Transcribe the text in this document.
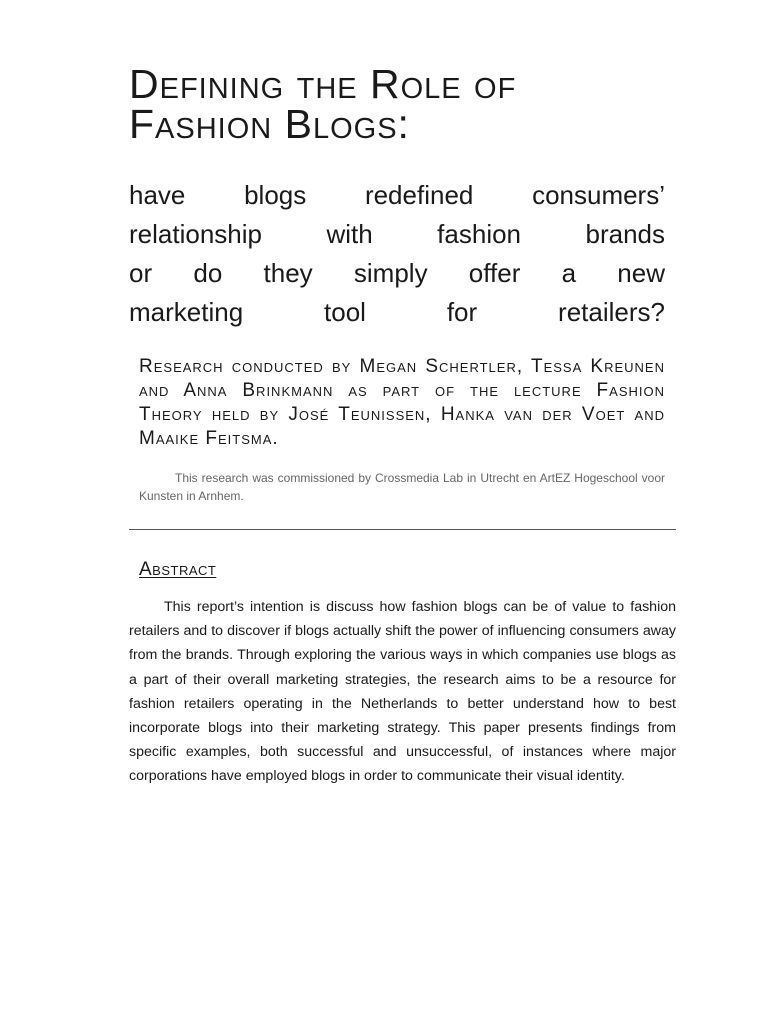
Defining the Role of
Fashion Blogs:
have blogs redefined consumers’
relationship with fashion brands
or do they simply offer a new
marketing tool for retailers?

Research conducted by Megan Schertler, Tessa Kreunen and Anna Brinkmann as part of the lecture Fashion Theory held by José Teunissen, Hanka van der Voet and Maaike Feitsma.

This research was commissioned by Crossmedia Lab in Utrecht en ArtEZ Hogeschool voor Kunsten in Arnhem.

Abstract

This report’s intention is discuss how fashion blogs can be of value to fashion retailers and to discover if blogs actually shift the power of influencing consumers away from the brands. Through exploring the various ways in which companies use blogs as a part of their overall marketing strategies, the research aims to be a resource for fashion retailers operating in the Netherlands to better understand how to best incorporate blogs into their marketing strategy. This paper presents findings from specific examples, both successful and unsuccessful, of instances where major corporations have employed blogs in order to communicate their visual identity.
